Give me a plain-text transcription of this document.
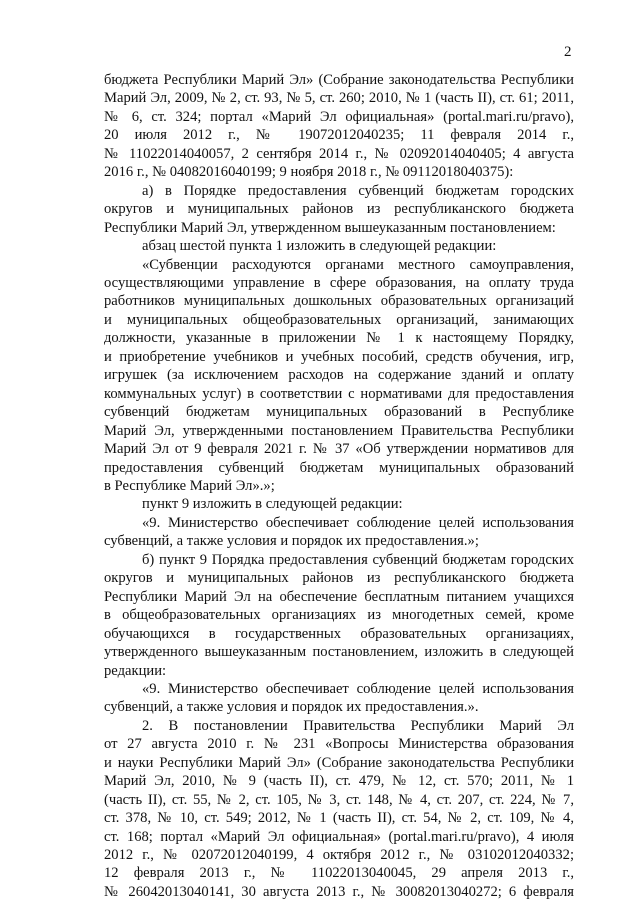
2
бюджета Республики Марий Эл» (Собрание законодательства Республики
Марий Эл, 2009, № 2, ст. 93, № 5, ст. 260; 2010, № 1 (часть II), ст. 61; 2011,
№ 6, ст. 324; портал «Марий Эл официальная» (portal.mari.ru/pravo),
20 июля 2012 г., № 19072012040235; 11 февраля 2014 г.,
№ 11022014040057, 2 сентября 2014 г., № 02092014040405; 4 августа
2016 г., № 04082016040199; 9 ноября 2018 г., № 09112018040375):
а) в Порядке предоставления субвенций бюджетам городских
округов и муниципальных районов из республиканского бюджета
Республики Марий Эл, утвержденном вышеуказанным постановлением:
абзац шестой пункта 1 изложить в следующей редакции:
«Субвенции расходуются органами местного самоуправления,
осуществляющими управление в сфере образования, на оплату труда
работников муниципальных дошкольных образовательных организаций
и муниципальных общеобразовательных организаций, занимающих
должности, указанные в приложении № 1 к настоящему Порядку,
и приобретение учебников и учебных пособий, средств обучения, игр,
игрушек (за исключением расходов на содержание зданий и оплату
коммунальных услуг) в соответствии с нормативами для предоставления
субвенций бюджетам муниципальных образований в Республике
Марий Эл, утвержденными постановлением Правительства Республики
Марий Эл от 9 февраля 2021 г. № 37 «Об утверждении нормативов для
предоставления субвенций бюджетам муниципальных образований
в Республике Марий Эл».»;
пункт 9 изложить в следующей редакции:
«9. Министерство обеспечивает соблюдение целей использования
субвенций, а также условия и порядок их предоставления.»;
б) пункт 9 Порядка предоставления субвенций бюджетам городских
округов и муниципальных районов из республиканского бюджета
Республики Марий Эл на обеспечение бесплатным питанием учащихся
в общеобразовательных организациях из многодетных семей, кроме
обучающихся в государственных образовательных организациях,
утвержденного вышеуказанным постановлением, изложить в следующей
редакции:
«9. Министерство обеспечивает соблюдение целей использования
субвенций, а также условия и порядок их предоставления.».
2. В постановлении Правительства Республики Марий Эл
от 27 августа 2010 г. № 231 «Вопросы Министерства образования
и науки Республики Марий Эл» (Собрание законодательства Республики
Марий Эл, 2010, № 9 (часть II), ст. 479, № 12, ст. 570; 2011, № 1
(часть II), ст. 55, № 2, ст. 105, № 3, ст. 148, № 4, ст. 207, ст. 224, № 7,
ст. 378, № 10, ст. 549; 2012, № 1 (часть II), ст. 54, № 2, ст. 109, № 4,
ст. 168; портал «Марий Эл официальная» (portal.mari.ru/pravo), 4 июля
2012 г., № 02072012040199, 4 октября 2012 г., № 03102012040332;
12 февраля 2013 г., № 11022013040045, 29 апреля 2013 г.,
№ 26042013040141, 30 августа 2013 г., № 30082013040272; 6 февраля
